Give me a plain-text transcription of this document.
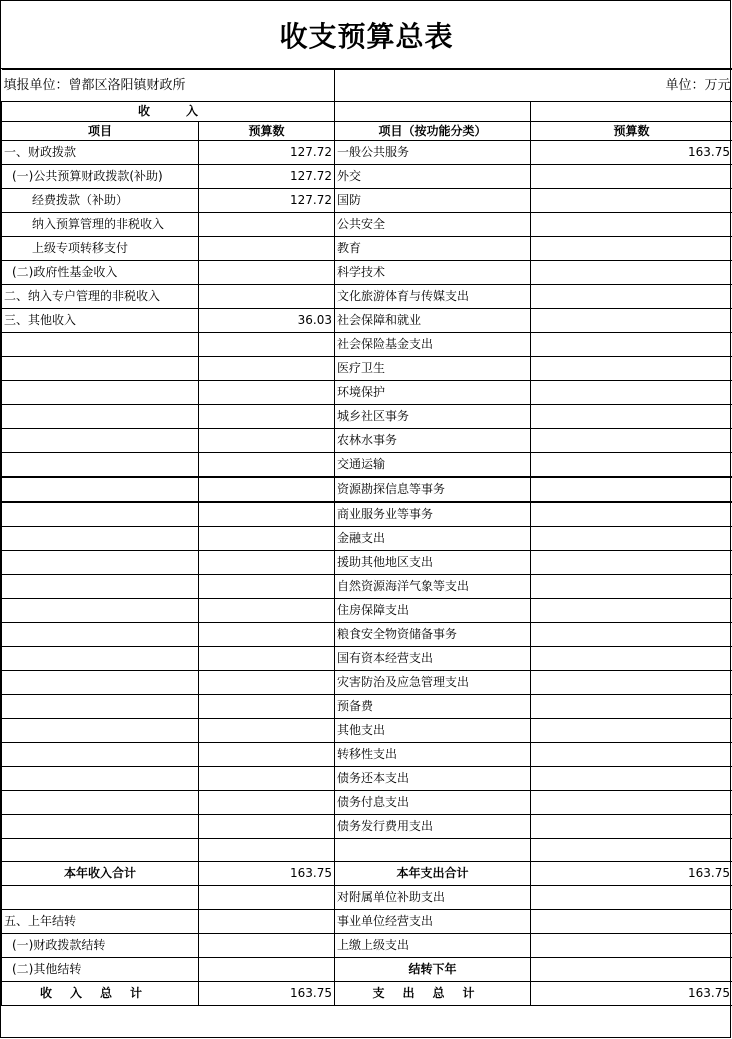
收支预算总表
填报单位：曾都区洛阳镇财政所		单位：万元	
收　　　入			
项目	预算数	项目（按功能分类）	预算数
一、财政拨款	127.72	一般公共服务	163.75
(一)公共预算财政拨款(补助)	127.72	外交	
经费拨款（补助）	127.72	国防	
纳入预算管理的非税收入		公共安全	
上级专项转移支付		教育	
(二)政府性基金收入		科学技术	
二、纳入专户管理的非税收入		文化旅游体育与传媒支出	
三、其他收入	36.03	社会保障和就业	
		社会保险基金支出	
		医疗卫生	
		环境保护	
		城乡社区事务	
		农林水事务	
		交通运输	
		资源勘探信息等事务	
		商业服务业等事务	
		金融支出	
		援助其他地区支出	
		自然资源海洋气象等支出	
		住房保障支出	
		粮食安全物资储备事务	
		国有资本经营支出	
		灾害防治及应急管理支出	
		预备费	
		其他支出	
		转移性支出	
		债务还本支出	
		债务付息支出	
		债务发行费用支出	

本年收入合计	163.75	本年支出合计	163.75
		对附属单位补助支出	
五、上年结转		事业单位经营支出	
(一)财政拨款结转		上缴上级支出	
(二)其他结转		结转下年	
收入总计	163.75	支出总计	163.75
